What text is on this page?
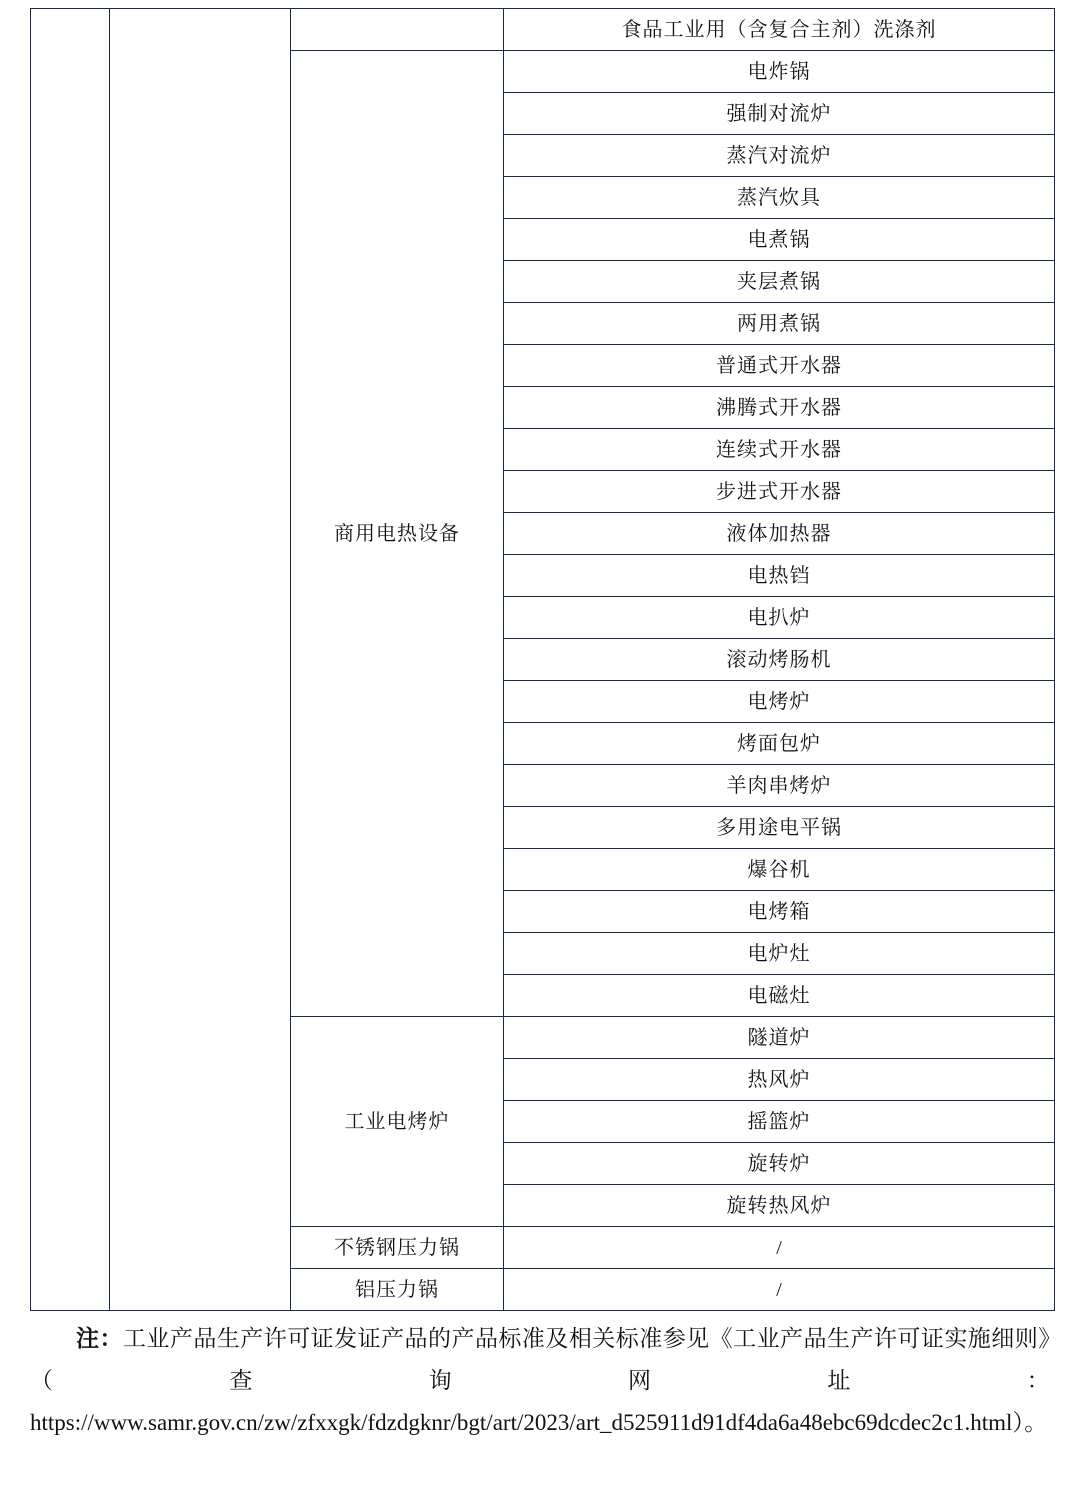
			食品工业用（含复合主剂）洗涤剂
		商用电热设备	电炸锅
			强制对流炉
			蒸汽对流炉
			蒸汽炊具
			电煮锅
			夹层煮锅
			两用煮锅
			普通式开水器
			沸腾式开水器
			连续式开水器
			步进式开水器
			液体加热器
			电热铛
			电扒炉
			滚动烤肠机
			电烤炉
			烤面包炉
			羊肉串烤炉
			多用途电平锅
			爆谷机
			电烤箱
			电炉灶
			电磁灶
		工业电烤炉	隧道炉
			热风炉
			摇篮炉
			旋转炉
			旋转热风炉
		不锈钢压力锅	/
		铝压力锅	/
注：工业产品生产许可证发证产品的产品标准及相关标准参见《工业产品生产许可证实施细则》（查询网址：https://www.samr.gov.cn/zw/zfxxgk/fdzdgknr/bgt/art/2023/art_d525911d91df4da6a48ebc69dcdec2c1.html）。
